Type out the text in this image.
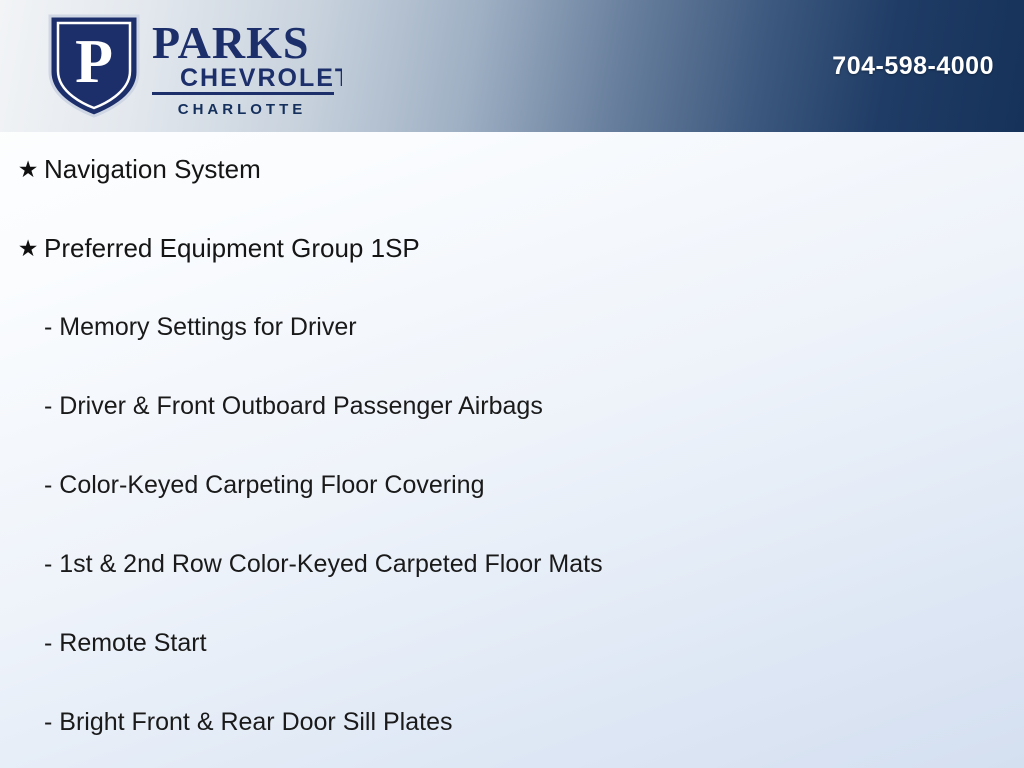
P PARKS
CHEVROLET
CHARLOTTE
704-598-4000
★ Navigation System
★ Preferred Equipment Group 1SP
- Memory Settings for Driver
- Driver & Front Outboard Passenger Airbags
- Color-Keyed Carpeting Floor Covering
- 1st & 2nd Row Color-Keyed Carpeted Floor Mats
- Remote Start
- Bright Front & Rear Door Sill Plates
